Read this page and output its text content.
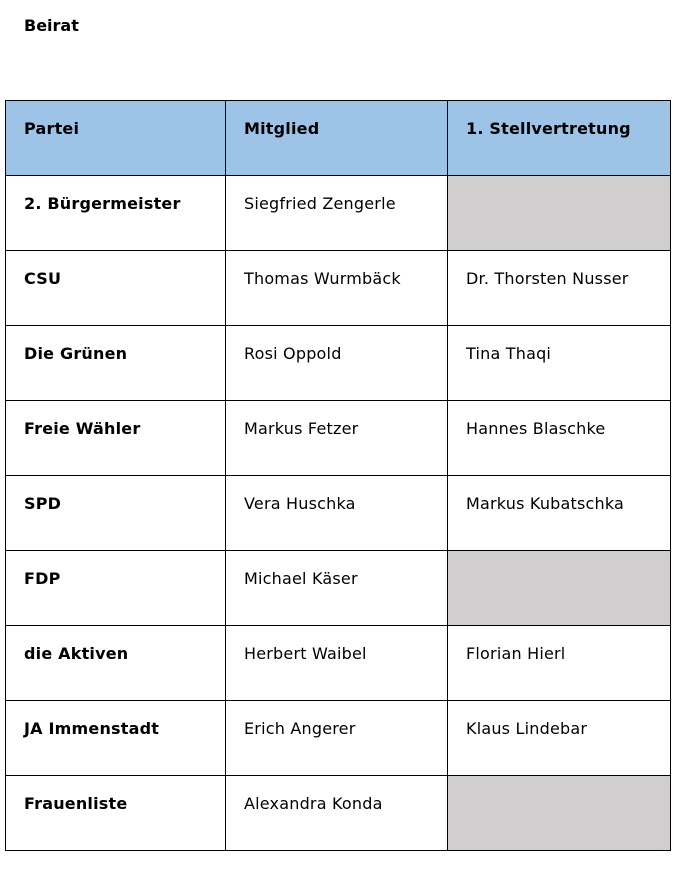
Beirat
Partei	Mitglied	1. Stellvertretung
2. Bürgermeister	Siegfried Zengerle	
CSU	Thomas Wurmbäck	Dr. Thorsten Nusser
Die Grünen	Rosi Oppold	Tina Thaqi
Freie Wähler	Markus Fetzer	Hannes Blaschke
SPD	Vera Huschka	Markus Kubatschka
FDP	Michael Käser	
die Aktiven	Herbert Waibel	Florian Hierl
JA Immenstadt	Erich Angerer	Klaus Lindebar
Frauenliste	Alexandra Konda	
